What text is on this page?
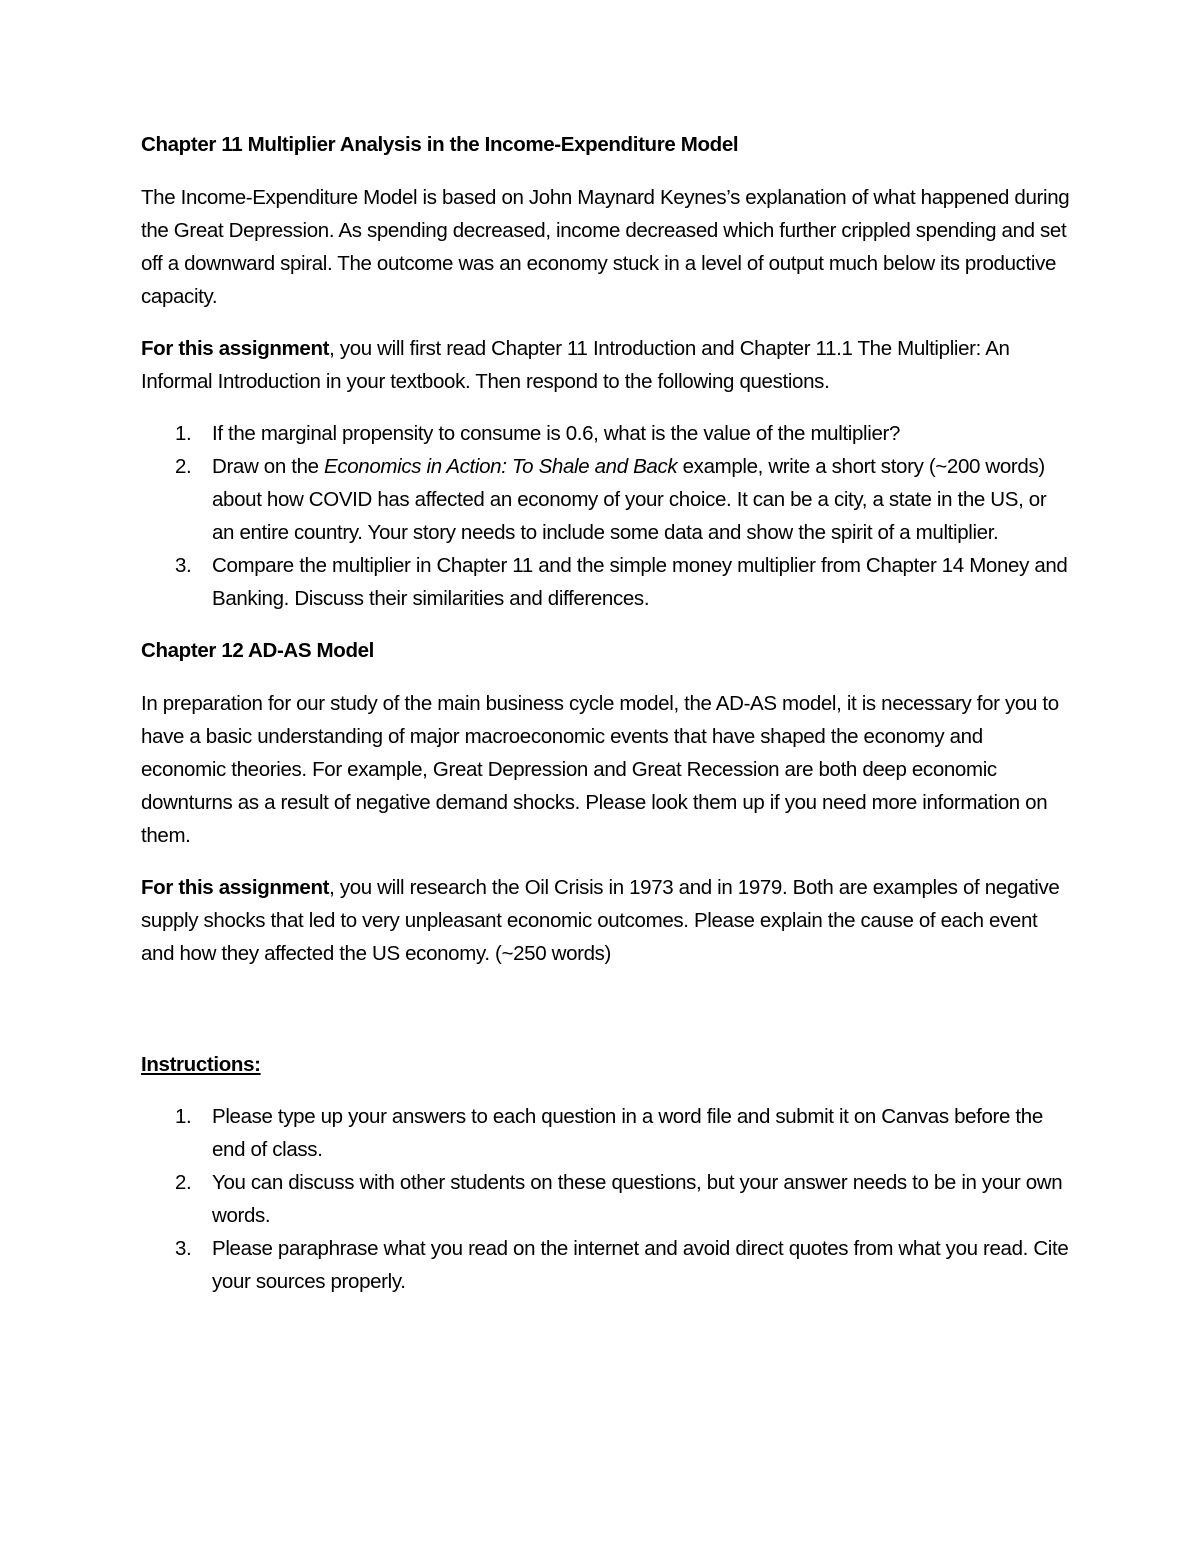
Chapter 11 Multiplier Analysis in the Income-Expenditure Model

The Income-Expenditure Model is based on John Maynard Keynes’s explanation of what happened during the Great Depression. As spending decreased, income decreased which further crippled spending and set off a downward spiral. The outcome was an economy stuck in a level of output much below its productive capacity.

For this assignment, you will first read Chapter 11 Introduction and Chapter 11.1 The Multiplier: An Informal Introduction in your textbook. Then respond to the following questions.

1. If the marginal propensity to consume is 0.6, what is the value of the multiplier?
2. Draw on the Economics in Action: To Shale and Back example, write a short story (~200 words) about how COVID has affected an economy of your choice. It can be a city, a state in the US, or an entire country. Your story needs to include some data and show the spirit of a multiplier.
3. Compare the multiplier in Chapter 11 and the simple money multiplier from Chapter 14 Money and Banking. Discuss their similarities and differences.

Chapter 12 AD-AS Model

In preparation for our study of the main business cycle model, the AD-AS model, it is necessary for you to have a basic understanding of major macroeconomic events that have shaped the economy and economic theories. For example, Great Depression and Great Recession are both deep economic downturns as a result of negative demand shocks. Please look them up if you need more information on them.

For this assignment, you will research the Oil Crisis in 1973 and in 1979. Both are examples of negative supply shocks that led to very unpleasant economic outcomes. Please explain the cause of each event and how they affected the US economy. (~250 words)

Instructions:

1. Please type up your answers to each question in a word file and submit it on Canvas before the end of class.
2. You can discuss with other students on these questions, but your answer needs to be in your own words.
3. Please paraphrase what you read on the internet and avoid direct quotes from what you read. Cite your sources properly.
